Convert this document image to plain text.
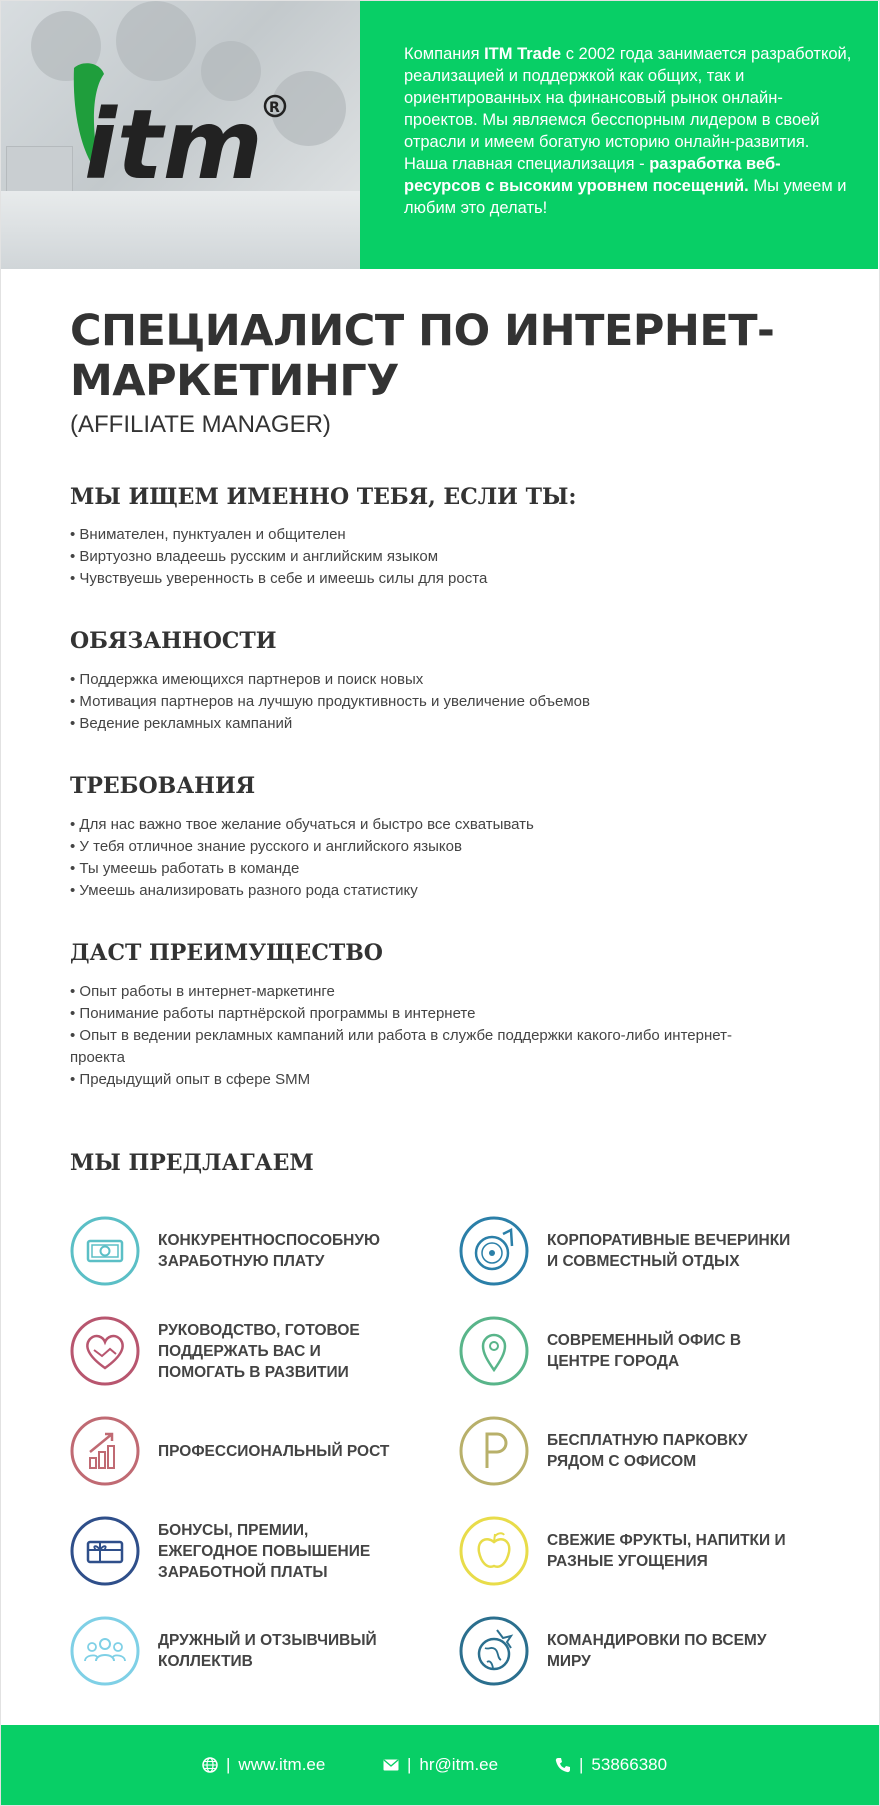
itm R

Компания ITM Trade с 2002 года занимается разработкой, реализацией и поддержкой как общих, так и ориентированных на финансовый рынок онлайн-проектов. Мы являемся бесспорным лидером в своей отрасли и имеем богатую историю онлайн-развития. Наша главная специализация - разработка веб-ресурсов с высоким уровнем посещений. Мы умеем и любим это делать!

СПЕЦИАЛИСТ ПО ИНТЕРНЕТ-МАРКЕТИНГУ

(AFFILIATE MANAGER)

МЫ ИЩЕМ ИМЕННО ТЕБЯ, ЕСЛИ ТЫ:
• Внимателен, пунктуален и общителен
• Виртуозно владеешь русским и английским языком
• Чувствуешь уверенность в себе и имеешь силы для роста
ОБЯЗАННОСТИ
• Поддержка имеющихся партнеров и поиск новых
• Мотивация партнеров на лучшую продуктивность и увеличение объемов
• Ведение рекламных кампаний
ТРЕБОВАНИЯ
• Для нас важно твое желание обучаться и быстро все схватывать
• У тебя отличное знание русского и английского языков
• Ты умеешь работать в команде
• Умеешь анализировать разного рода статистику
ДАСТ ПРЕИМУЩЕСТВО
• Опыт работы в интернет-маркетинге
• Понимание работы партнёрской программы в интернете
• Опыт в ведении рекламных кампаний или работа в службе поддержки какого-либо интернет-проекта
• Предыдущий опыт в сфере SMM
МЫ ПРЕДЛАГАЕМ
КОНКУРЕНТНОСПОСОБНУЮ ЗАРАБОТНУЮ ПЛАТУ
КОРПОРАТИВНЫЕ ВЕЧЕРИНКИ И СОВМЕСТНЫЙ ОТДЫХ
РУКОВОДСТВО, ГОТОВОЕ ПОДДЕРЖАТЬ ВАС И ПОМОГАТЬ В РАЗВИТИИ
СОВРЕМЕННЫЙ ОФИС В ЦЕНТРЕ ГОРОДА
ПРОФЕССИОНАЛЬНЫЙ РОСТ
БЕСПЛАТНУЮ ПАРКОВКУ РЯДОМ С ОФИСОМ
БОНУСЫ, ПРЕМИИ, ЕЖЕГОДНОЕ ПОВЫШЕНИЕ ЗАРАБОТНОЙ ПЛАТЫ
СВЕЖИЕ ФРУКТЫ, НАПИТКИ И РАЗНЫЕ УГОЩЕНИЯ
ДРУЖНЫЙ И ОТЗЫВЧИВЫЙ КОЛЛЕКТИВ
КОМАНДИРОВКИ ПО ВСЕМУ МИРУ
| www.itm.ee	| hr@itm.ee	| 53866380
